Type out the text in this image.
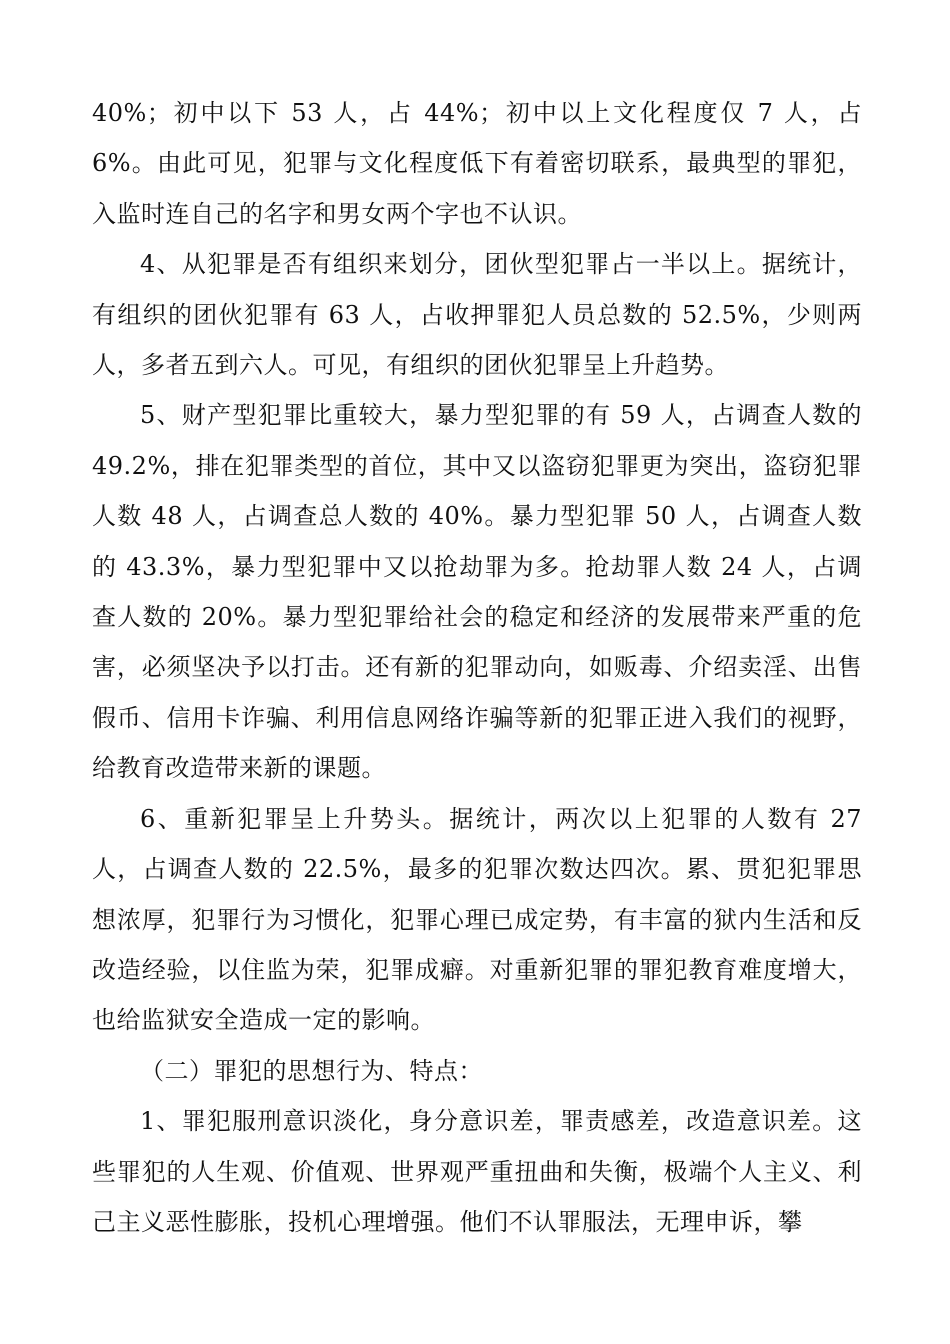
40%；初中以下 53 人，占 44%；初中以上文化程度仅 7 人，占 6%。由此可见，犯罪与文化程度低下有着密切联系，最典型的罪犯，入监时连自己的名字和男女两个字也不认识。

4、从犯罪是否有组织来划分，团伙型犯罪占一半以上。据统计，有组织的团伙犯罪有 63 人，占收押罪犯人员总数的 52.5%，少则两人，多者五到六人。可见，有组织的团伙犯罪呈上升趋势。

5、财产型犯罪比重较大，暴力型犯罪的有 59 人，占调查人数的 49.2%，排在犯罪类型的首位，其中又以盗窃犯罪更为突出，盗窃犯罪人数 48 人，占调查总人数的 40%。暴力型犯罪 50 人，占调查人数的 43.3%，暴力型犯罪中又以抢劫罪为多。抢劫罪人数 24 人，占调查人数的 20%。暴力型犯罪给社会的稳定和经济的发展带来严重的危害，必须坚决予以打击。还有新的犯罪动向，如贩毒、介绍卖淫、出售假币、信用卡诈骗、利用信息网络诈骗等新的犯罪正进入我们的视野，给教育改造带来新的课题。

6、重新犯罪呈上升势头。据统计，两次以上犯罪的人数有 27 人，占调查人数的 22.5%，最多的犯罪次数达四次。累、贯犯犯罪思想浓厚，犯罪行为习惯化，犯罪心理已成定势，有丰富的狱内生活和反改造经验，以住监为荣，犯罪成癖。对重新犯罪的罪犯教育难度增大，也给监狱安全造成一定的影响。

（二）罪犯的思想行为、特点：

1、罪犯服刑意识淡化，身分意识差，罪责感差，改造意识差。这些罪犯的人生观、价值观、世界观严重扭曲和失衡，极端个人主义、利己主义恶性膨胀，投机心理增强。他们不认罪服法，无理申诉，攀
